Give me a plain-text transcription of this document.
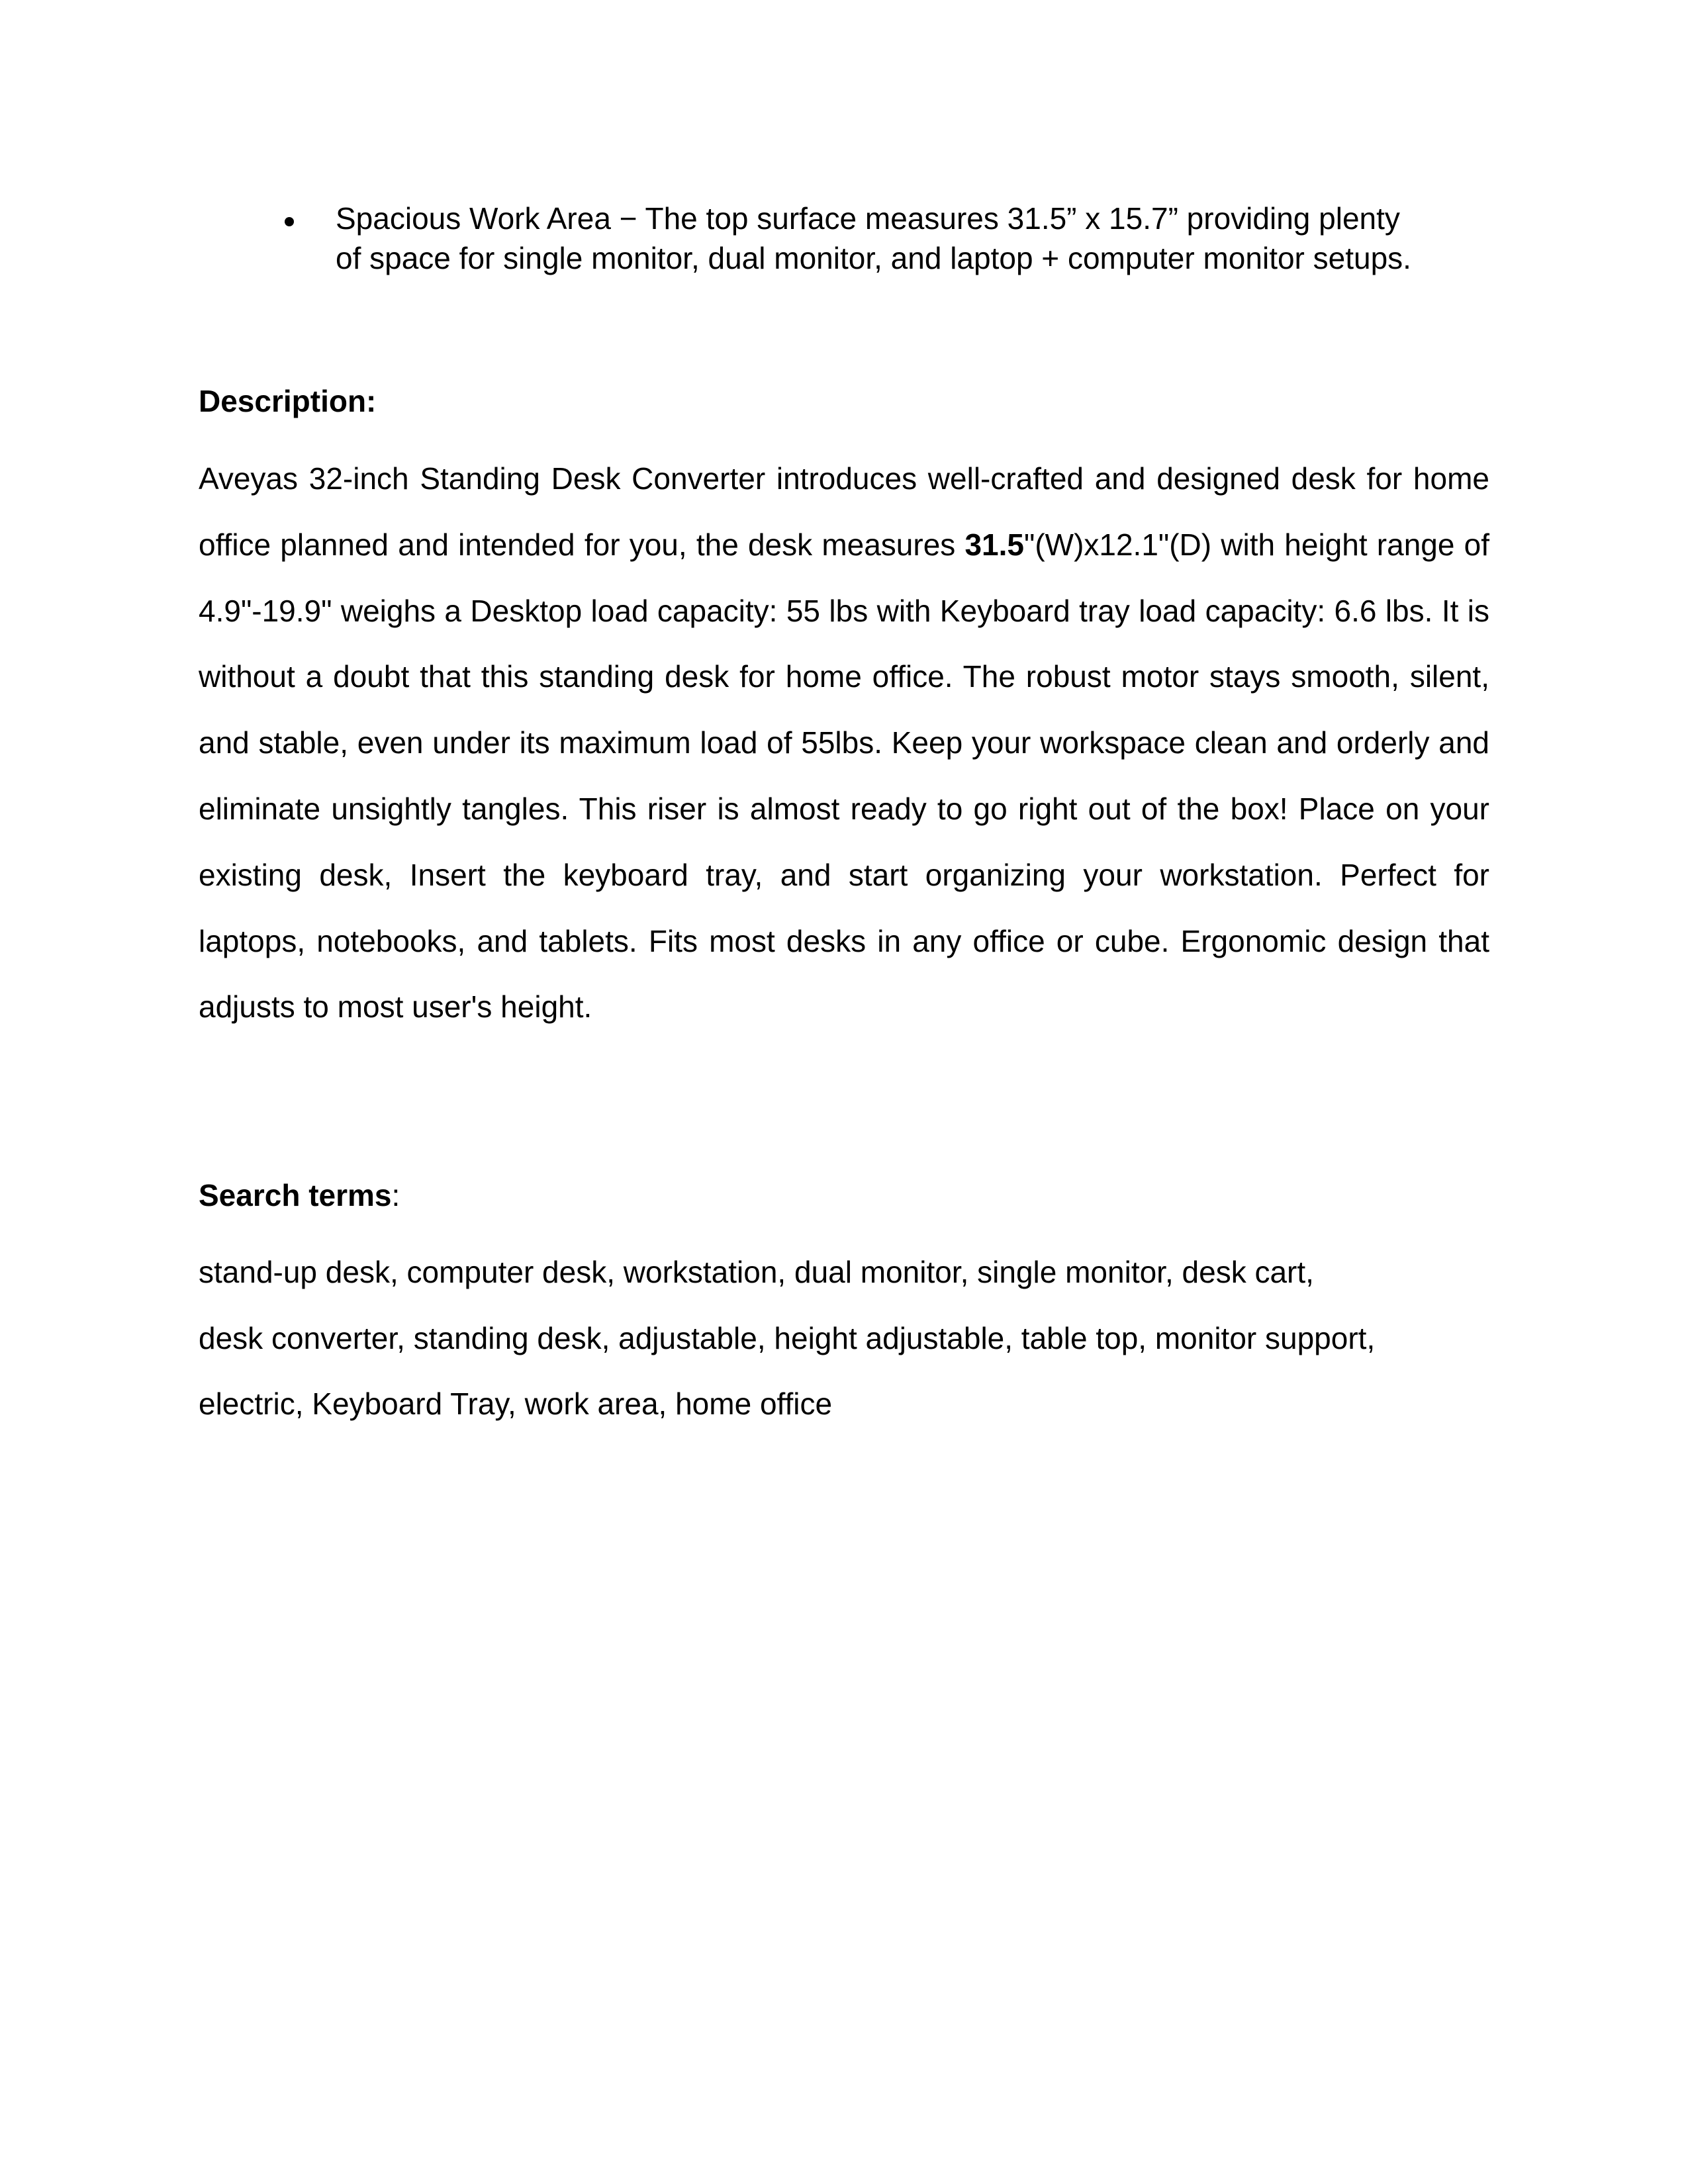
Spacious Work Area − The top surface measures 31.5” x 15.7” providing plenty of space for single monitor, dual monitor, and laptop + computer monitor setups.
Description:
Aveyas 32-inch Standing Desk Converter introduces well-crafted and designed desk for home office planned and intended for you, the desk measures 31.5"(W)x12.1"(D) with height range of 4.9"-19.9" weighs a Desktop load capacity: 55 lbs with Keyboard tray load capacity: 6.6 lbs. It is without a doubt that this standing desk for home office. The robust motor stays smooth, silent, and stable, even under its maximum load of 55lbs. Keep your workspace clean and orderly and eliminate unsightly tangles. This riser is almost ready to go right out of the box! Place on your existing desk, Insert the keyboard tray, and start organizing your workstation. Perfect for laptops, notebooks, and tablets. Fits most desks in any office or cube. Ergonomic design that adjusts to most user's height.
Search terms:
stand-up desk, computer desk, workstation, dual monitor, single monitor, desk cart,
desk converter, standing desk, adjustable, height adjustable, table top, monitor support,
electric, Keyboard Tray, work area, home office
